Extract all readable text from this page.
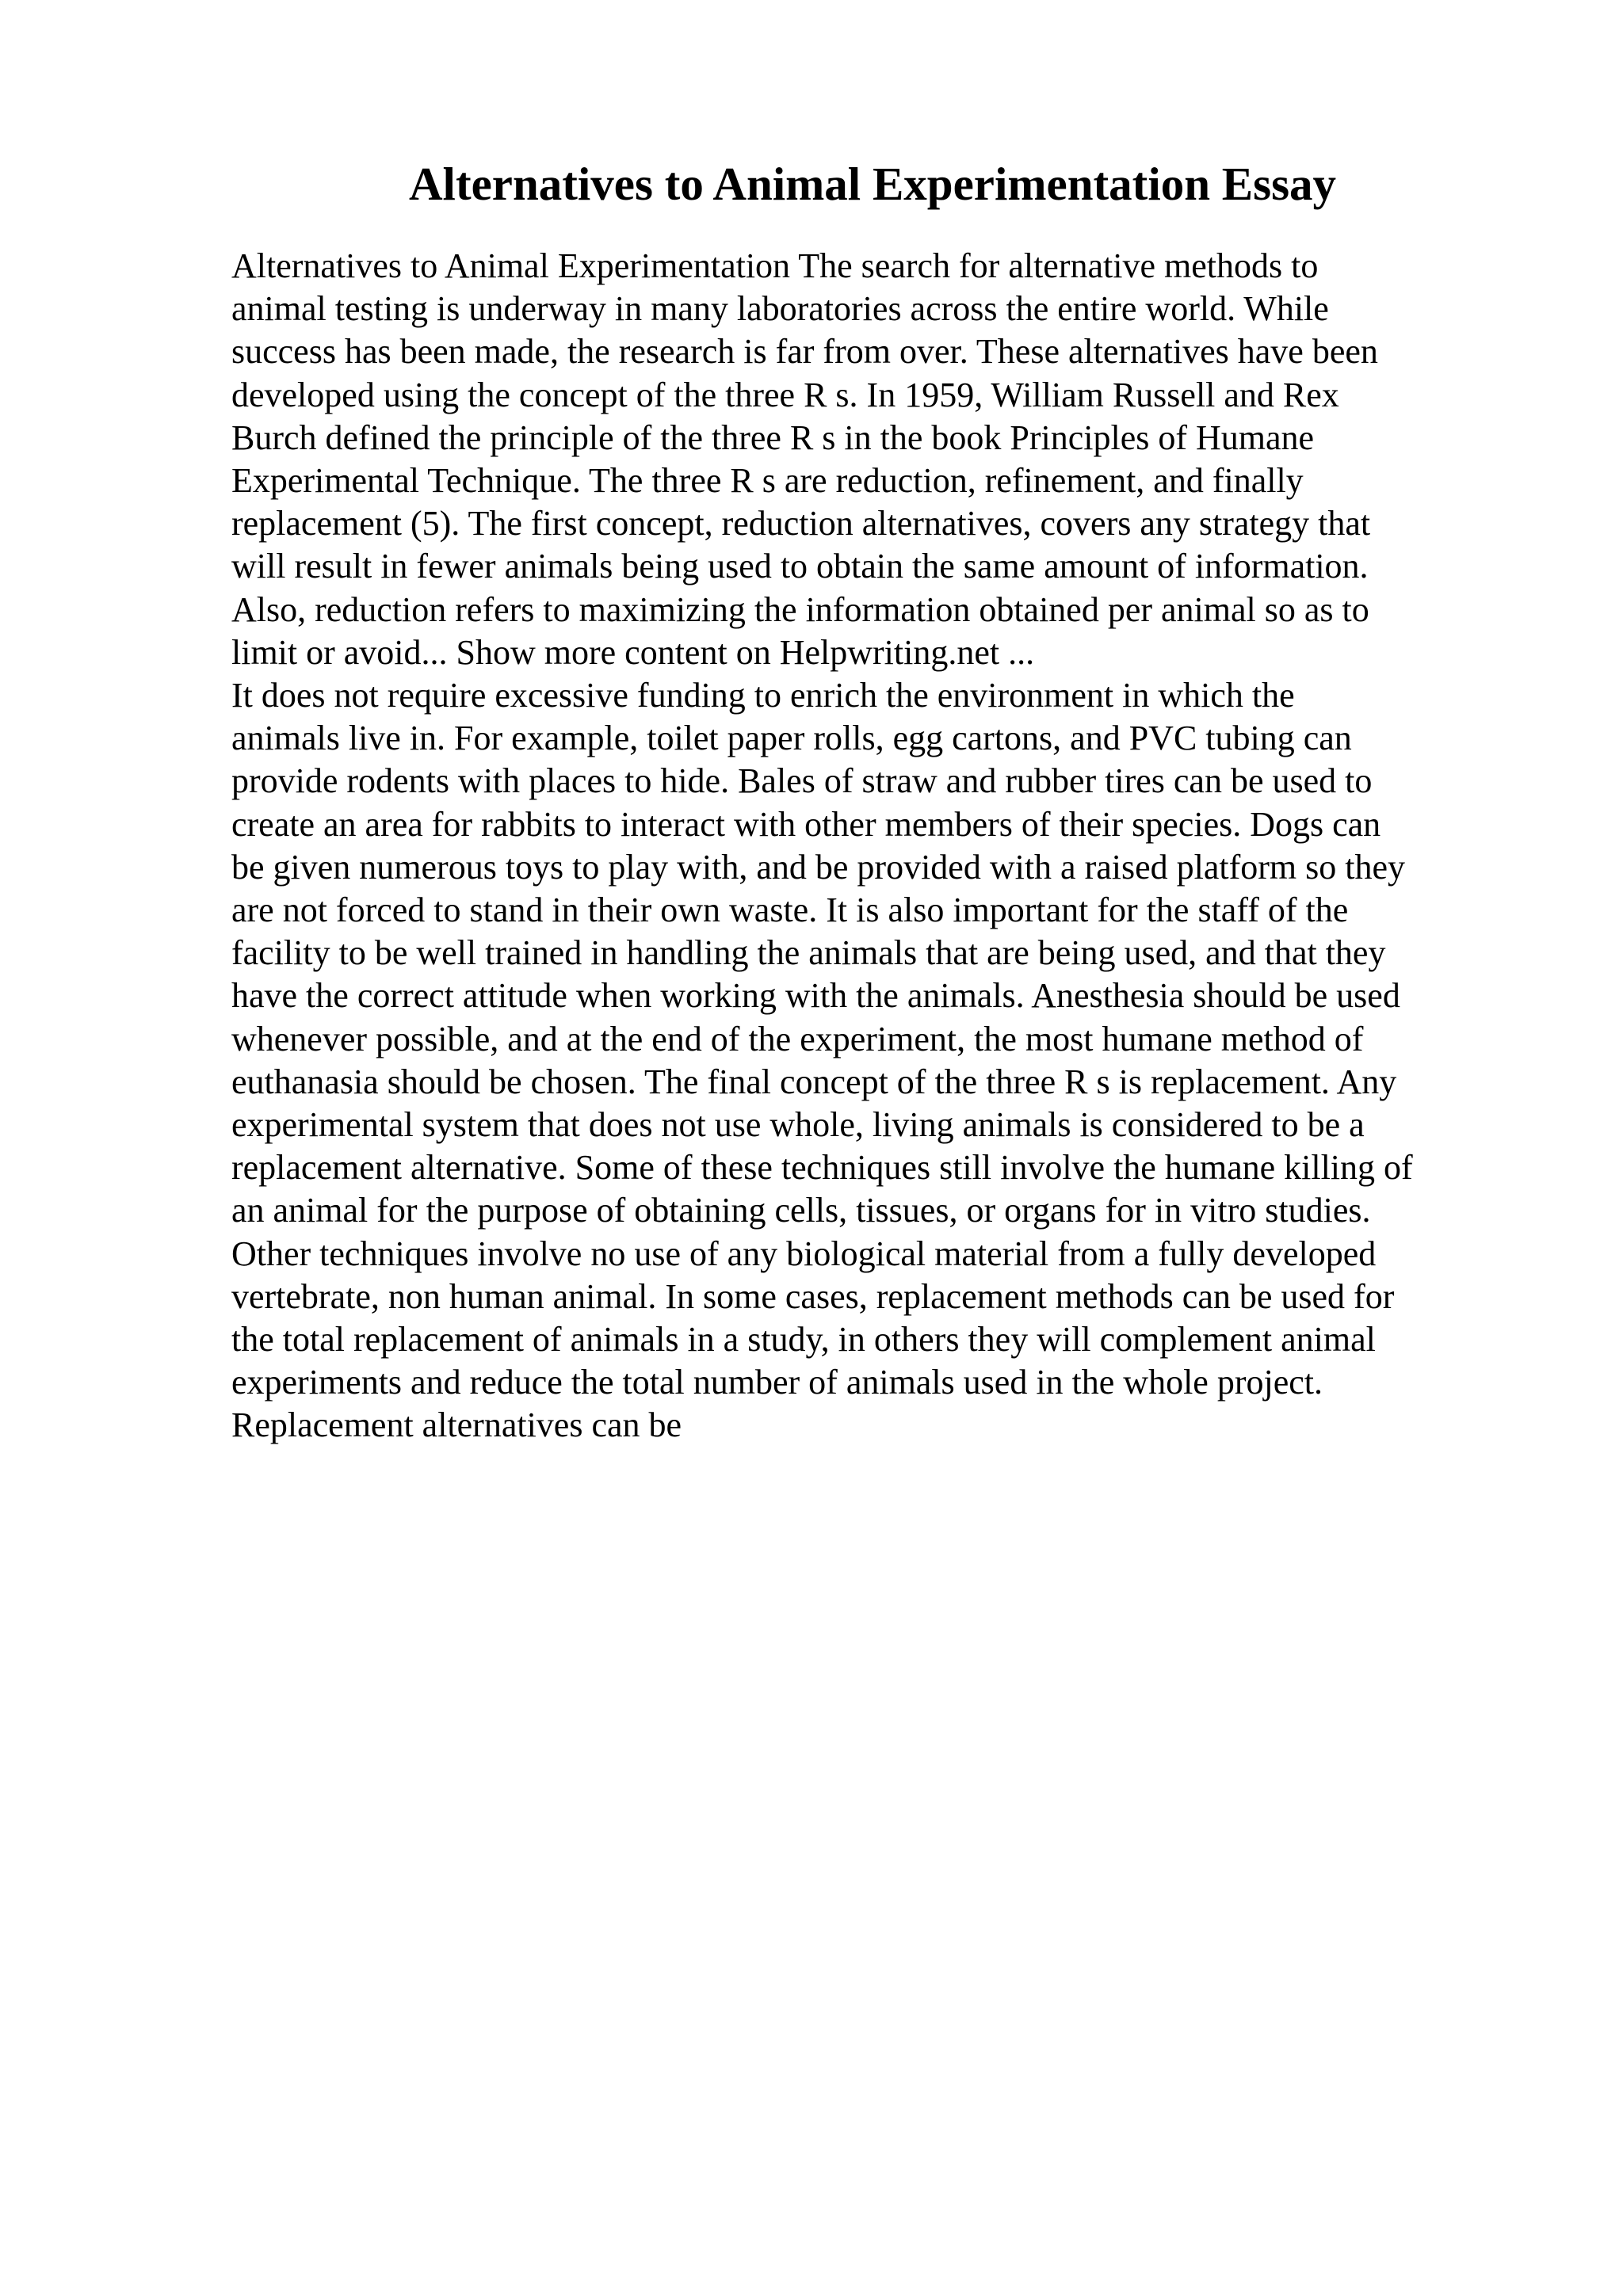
Alternatives to Animal Experimentation Essay
Alternatives to Animal Experimentation The search for alternative methods to
animal testing is underway in many laboratories across the entire world. While
success has been made, the research is far from over. These alternatives have been
developed using the concept of the three R s. In 1959, William Russell and Rex
Burch defined the principle of the three R s in the book Principles of Humane
Experimental Technique. The three R s are reduction, refinement, and finally
replacement (5). The first concept, reduction alternatives, covers any strategy that
will result in fewer animals being used to obtain the same amount of information.
Also, reduction refers to maximizing the information obtained per animal so as to
limit or avoid... Show more content on Helpwriting.net ...
It does not require excessive funding to enrich the environment in which the
animals live in. For example, toilet paper rolls, egg cartons, and PVC tubing can
provide rodents with places to hide. Bales of straw and rubber tires can be used to
create an area for rabbits to interact with other members of their species. Dogs can
be given numerous toys to play with, and be provided with a raised platform so they
are not forced to stand in their own waste. It is also important for the staff of the
facility to be well trained in handling the animals that are being used, and that they
have the correct attitude when working with the animals. Anesthesia should be used
whenever possible, and at the end of the experiment, the most humane method of
euthanasia should be chosen. The final concept of the three R s is replacement. Any
experimental system that does not use whole, living animals is considered to be a
replacement alternative. Some of these techniques still involve the humane killing of
an animal for the purpose of obtaining cells, tissues, or organs for in vitro studies.
Other techniques involve no use of any biological material from a fully developed
vertebrate, non human animal. In some cases, replacement methods can be used for
the total replacement of animals in a study, in others they will complement animal
experiments and reduce the total number of animals used in the whole project.
Replacement alternatives can be
